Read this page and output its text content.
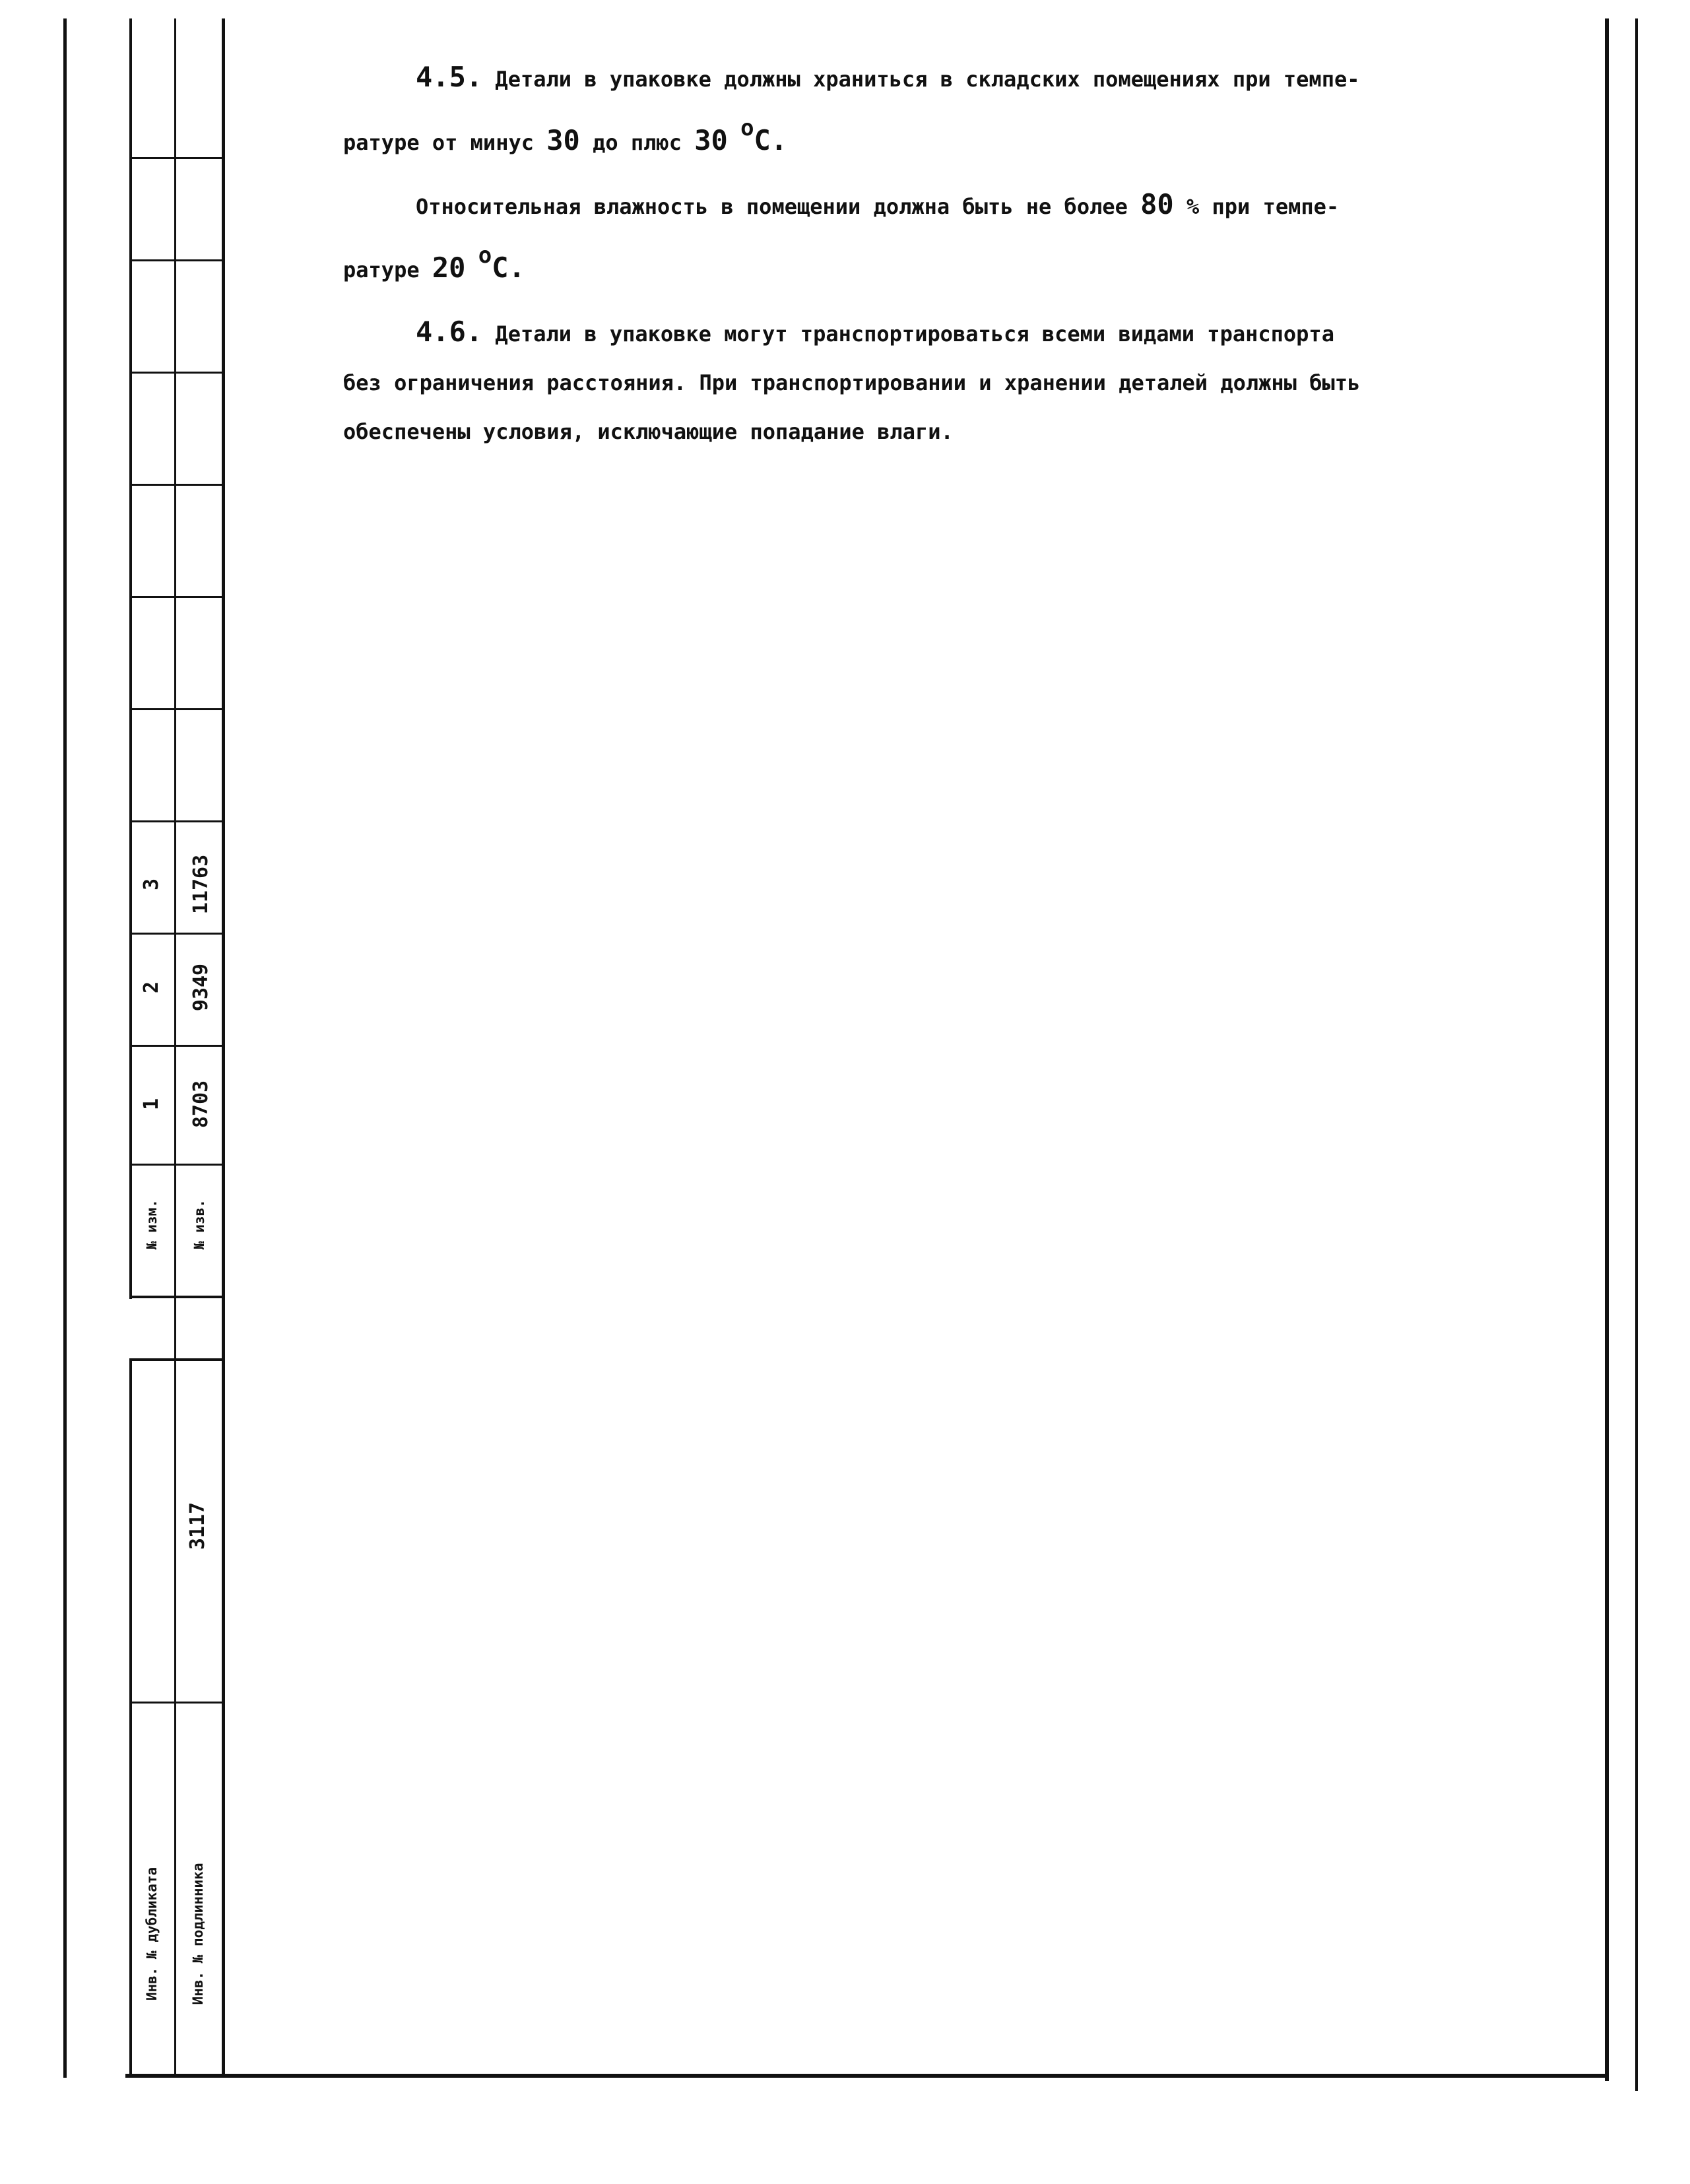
1 8703
2 9349
3 11763
№ изм. № изв.
3117
Инв. № дубликата Инв. № подлинника

4.5. Детали в упаковке должны храниться в складских помещениях при темпе-

ратуре от минус 30 до плюс 30 oC.

Относительная влажность в помещении должна быть не более 80 % при темпе-

ратуре 20 oC.

4.6. Детали в упаковке могут транспортироваться всеми видами транспорта

без ограничения расстояния. При транспортировании и хранении деталей должны быть

обеспечены условия, исключающие попадание влаги.
